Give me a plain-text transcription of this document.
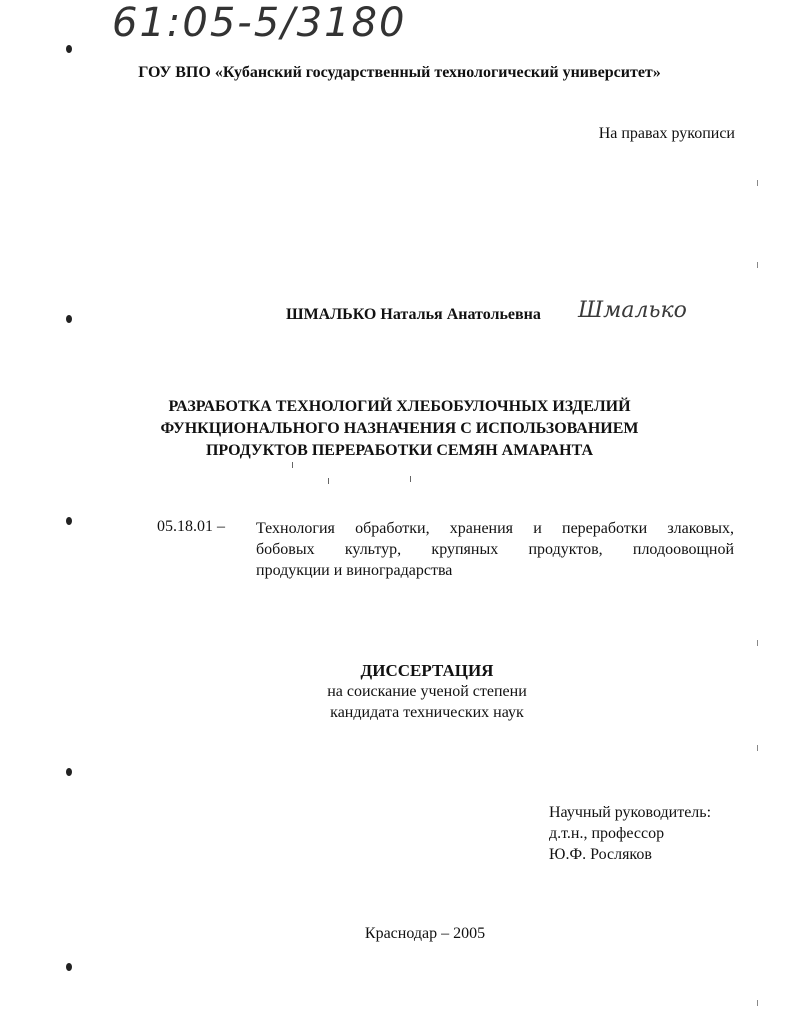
61:05-5/3180
ГОУ ВПО «Кубанский государственный технологический университет»
На правах рукописи
ШМАЛЬКО Наталья Анатольевна Шмалько
РАЗРАБОТКА ТЕХНОЛОГИЙ ХЛЕБОБУЛОЧНЫХ ИЗДЕЛИЙ
ФУНКЦИОНАЛЬНОГО НАЗНАЧЕНИЯ С ИСПОЛЬЗОВАНИЕМ
ПРОДУКТОВ ПЕРЕРАБОТКИ СЕМЯН АМАРАНТА
05.18.01 – Технология обработки, хранения и переработки злаковых,
бобовых культур, крупяных продуктов, плодоовощной
продукции и виноградарства
ДИССЕРТАЦИЯ
на соискание ученой степени
кандидата технических наук
Научный руководитель:
д.т.н., профессор
Ю.Ф. Росляков
Краснодар – 2005
